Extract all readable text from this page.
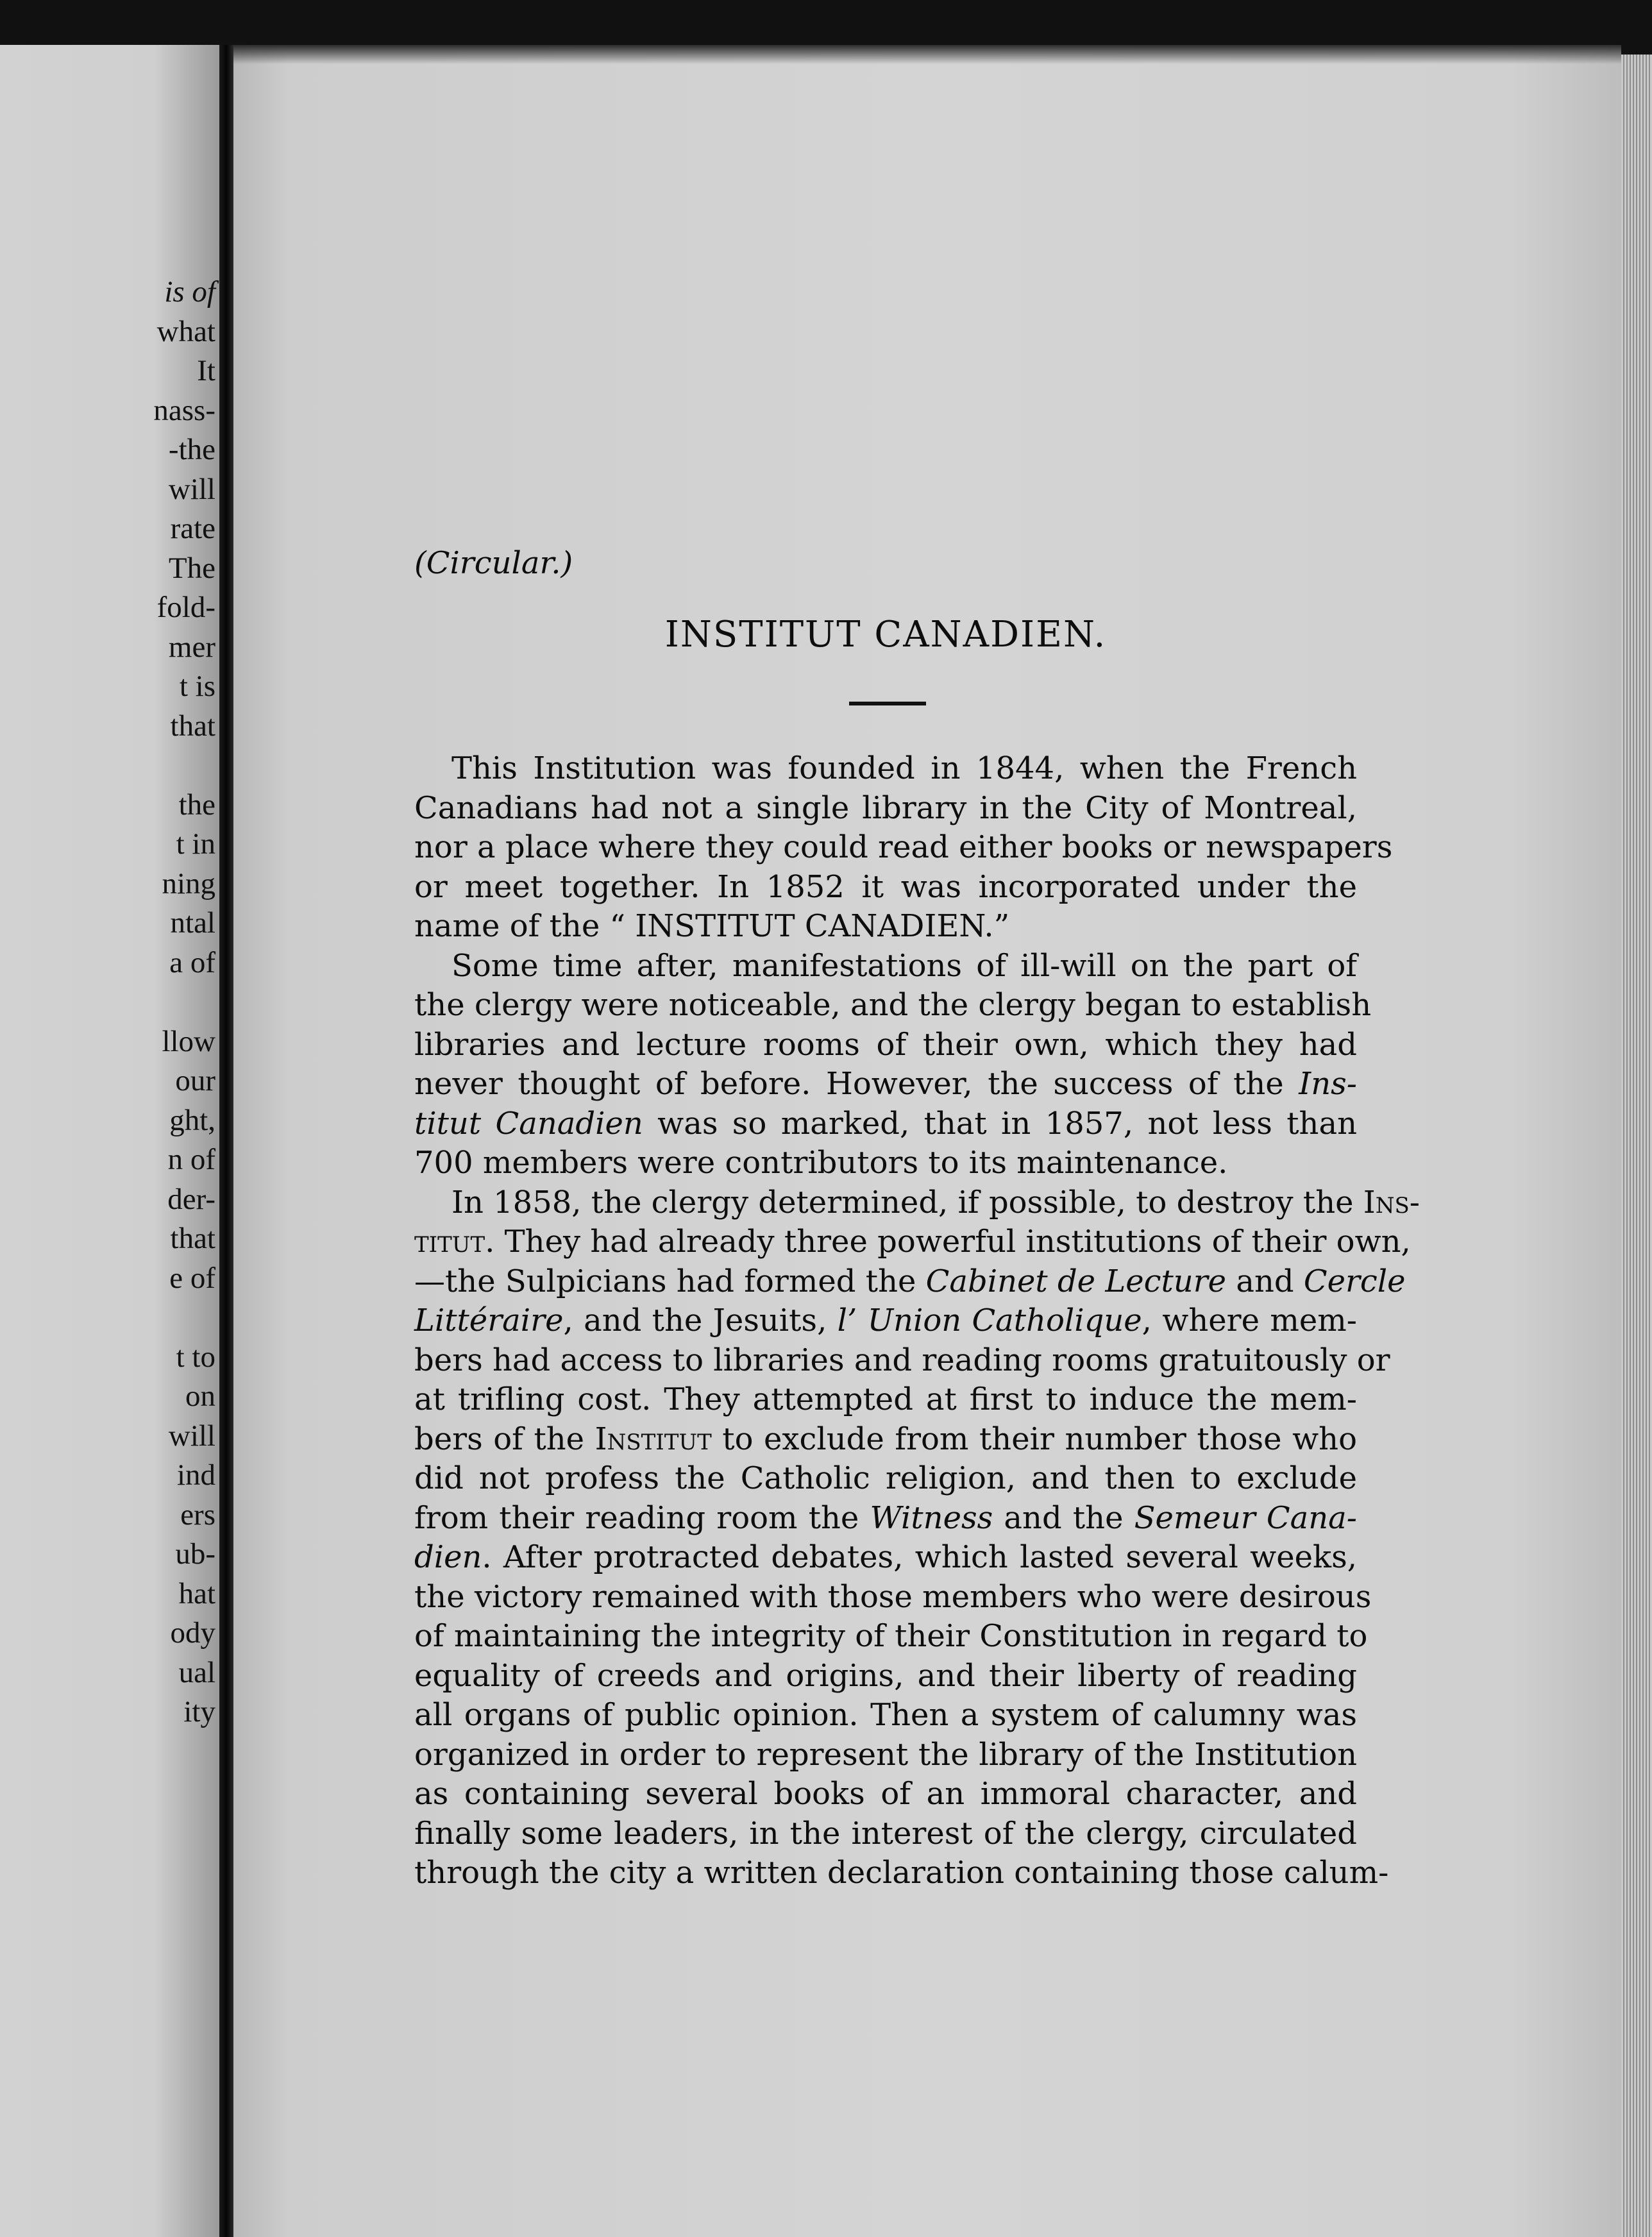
is of
what
It
nass-
-the
will
rate
The
fold-
mer
t is
that
the
t in
ning
ntal
a of
llow
our
ght,
n of
der-
that
e of
t to
on
will
ind
ers
ub-
hat
ody
ual
ity
(Circular.)
INSTITUT CANADIEN.

This Institution was founded in 1844, when the French
Canadians had not a single library in the City of Montreal,
nor a place where they could read either books or newspapers
or meet together. In 1852 it was incorporated under the
name of the “ INSTITUT CANADIEN.”

Some time after, manifestations of ill-will on the part of
the clergy were noticeable, and the clergy began to establish
libraries and lecture rooms of their own, which they had
never thought of before. However, the success of the Ins-
titut Canadien was so marked, that in 1857, not less than
700 members were contributors to its maintenance.

In 1858, the clergy determined, if possible, to destroy the Ins-
titut. They had already three powerful institutions of their own,
—the Sulpicians had formed the Cabinet de Lecture and Cercle
Littéraire, and the Jesuits, l’ Union Catholique, where mem-
bers had access to libraries and reading rooms gratuitously or
at trifling cost. They attempted at first to induce the mem-
bers of the Institut to exclude from their number those who
did not profess the Catholic religion, and then to exclude
from their reading room the Witness and the Semeur Cana-
dien. After protracted debates, which lasted several weeks,
the victory remained with those members who were desirous
of maintaining the integrity of their Constitution in regard to
equality of creeds and origins, and their liberty of reading
all organs of public opinion. Then a system of calumny was
organized in order to represent the library of the Institution
as containing several books of an immoral character, and
finally some leaders, in the interest of the clergy, circulated
through the city a written declaration containing those calum-
